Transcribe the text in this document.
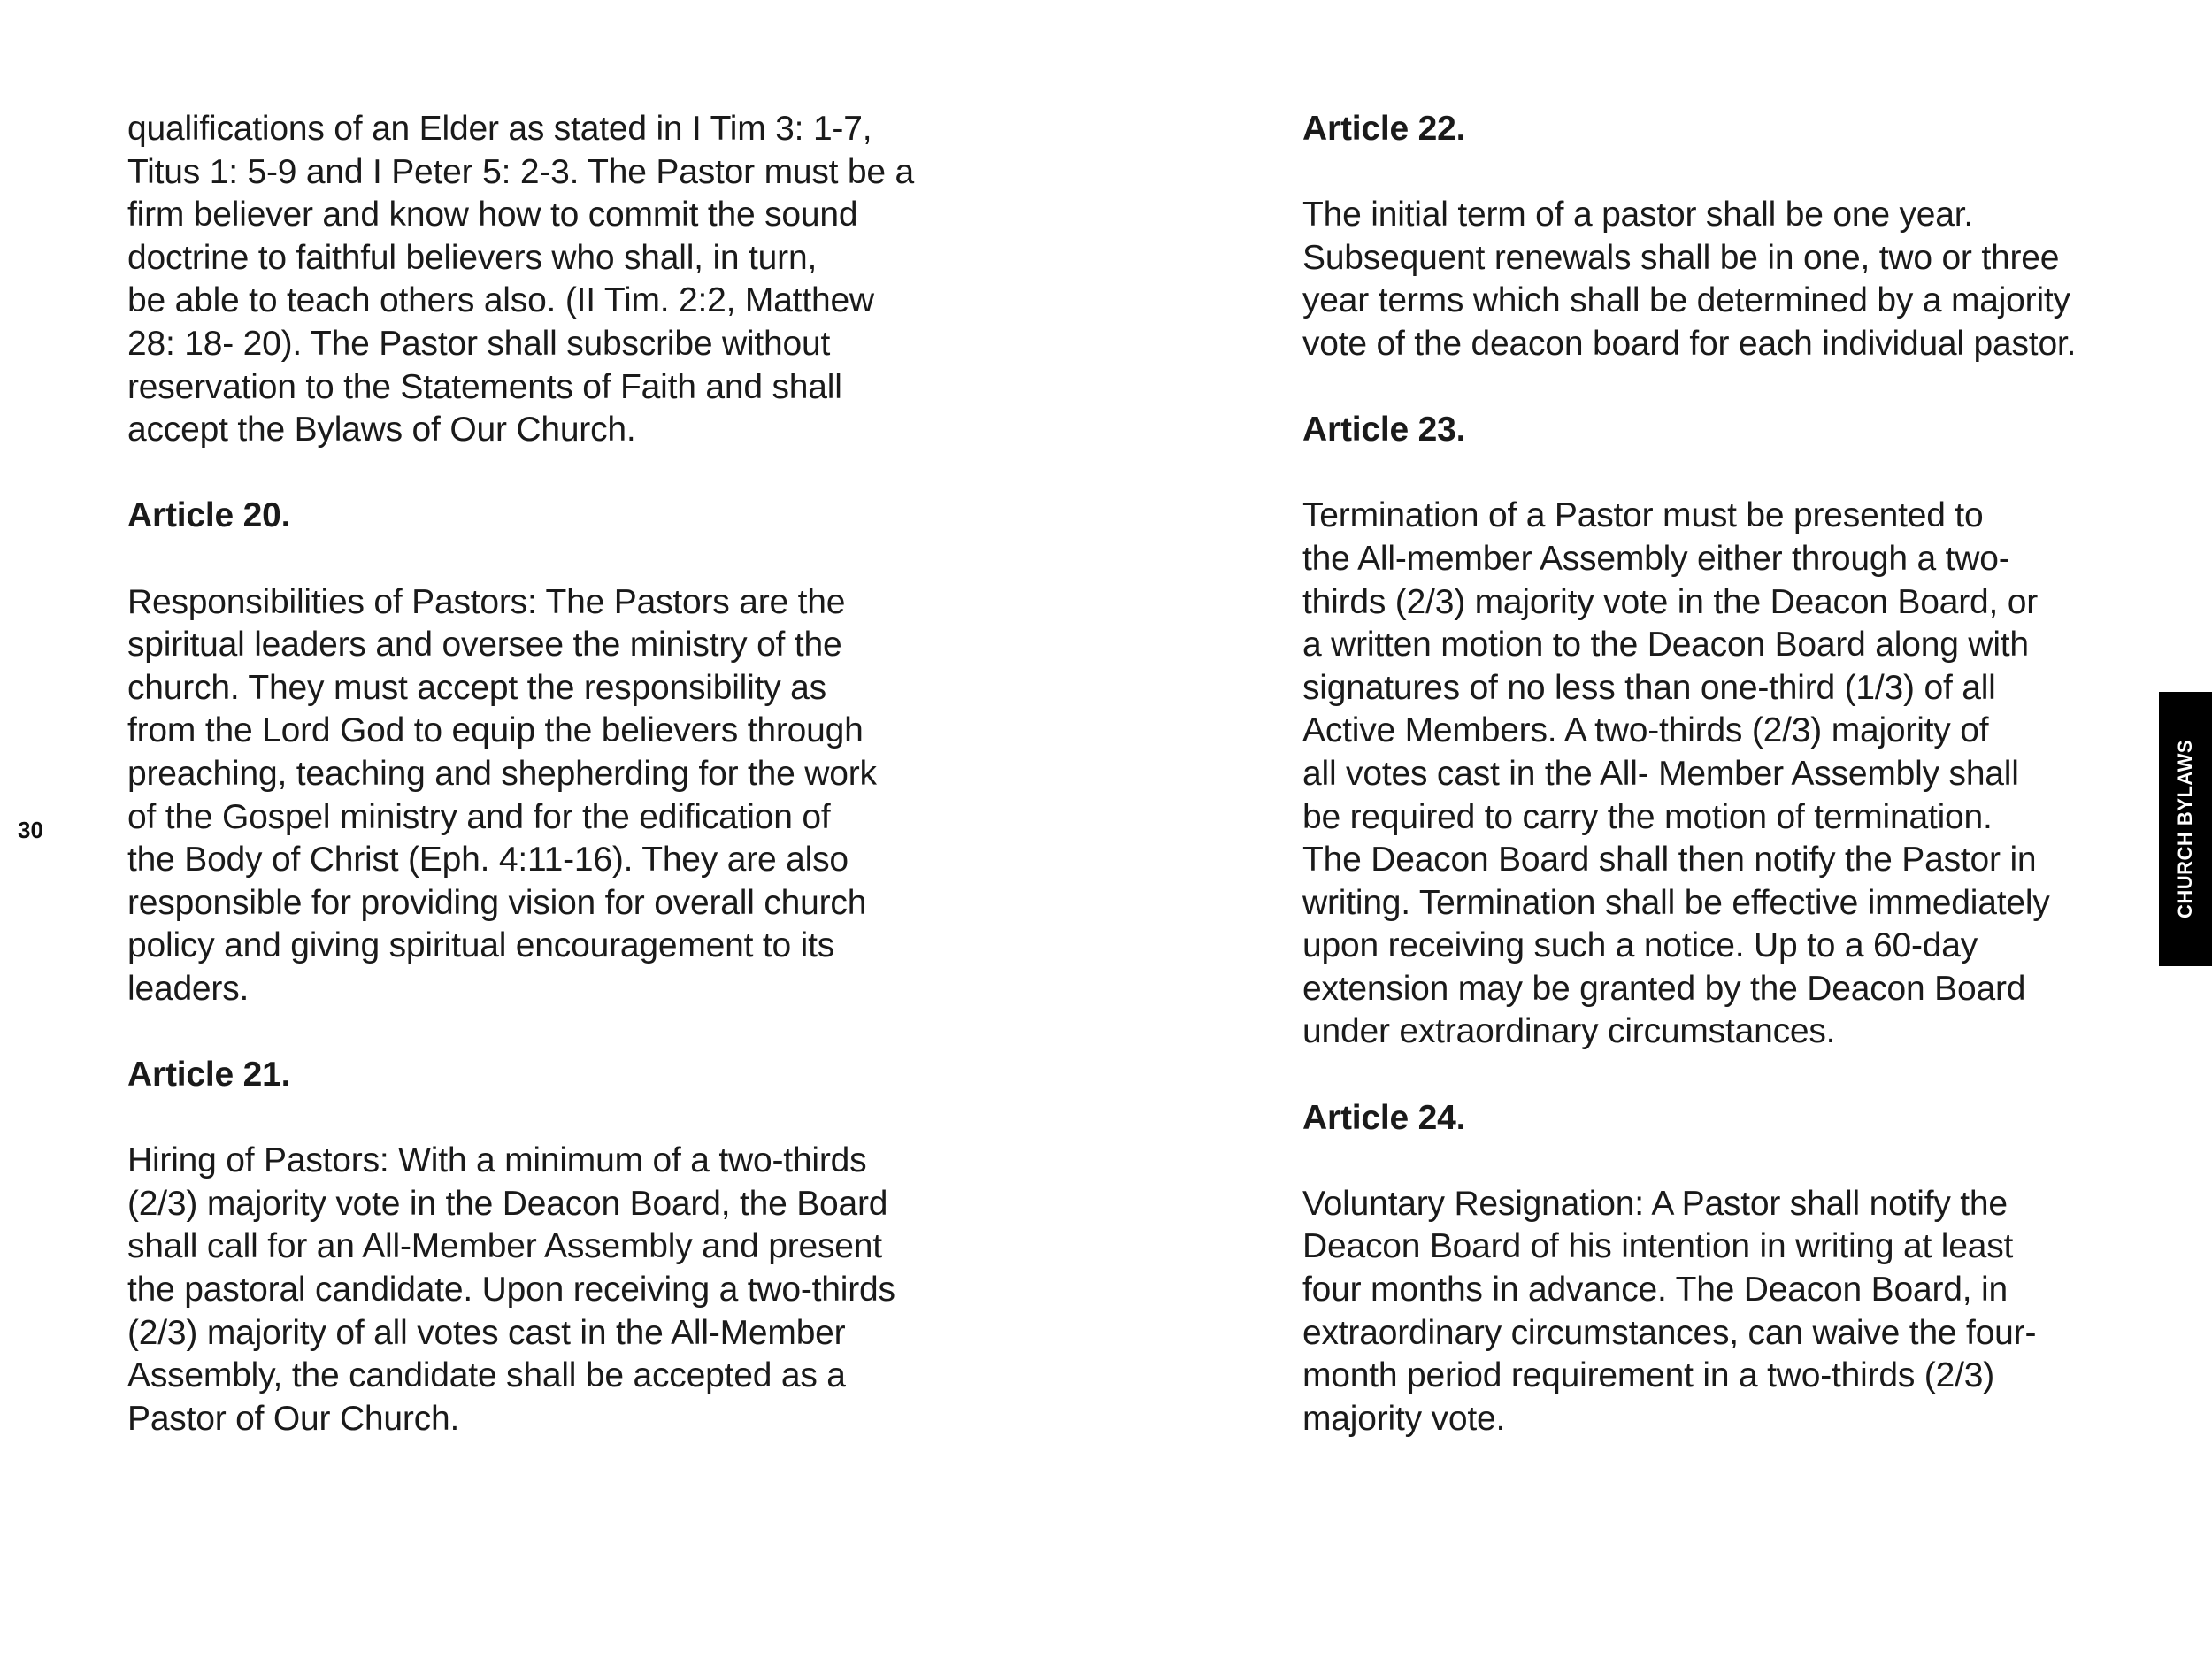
qualifications of an Elder as stated in I Tim 3: 1-7,
Titus 1: 5-9 and I Peter 5: 2-3. The Pastor must be a
firm believer and know how to commit the sound
doctrine to faithful believers who shall, in turn,
be able to teach others also. (II Tim. 2:2, Matthew
28: 18- 20). The Pastor shall subscribe without
reservation to the Statements of Faith and shall
accept the Bylaws of Our Church.
Article 20.
Responsibilities of Pastors: The Pastors are the
spiritual leaders and oversee the ministry of the
church. They must accept the responsibility as
from the Lord God to equip the believers through
preaching, teaching and shepherding for the work
of the Gospel ministry and for the edification of
the Body of Christ (Eph. 4:11-16). They are also
responsible for providing vision for overall church
policy and giving spiritual encouragement to its
leaders.
Article 21.
Hiring of Pastors: With a minimum of a two-thirds
(2/3) majority vote in the Deacon Board, the Board
shall call for an All-Member Assembly and present
the pastoral candidate. Upon receiving a two-thirds
(2/3) majority of all votes cast in the All-Member
Assembly, the candidate shall be accepted as a
Pastor of Our Church.
Article 22.
The initial term of a pastor shall be one year.
Subsequent renewals shall be in one, two or three
year terms which shall be determined by a majority
vote of the deacon board for each individual pastor.
Article 23.
Termination of a Pastor must be presented to
the All-member Assembly either through a two-
thirds (2/3) majority vote in the Deacon Board, or
a written motion to the Deacon Board along with
signatures of no less than one-third (1/3) of all
Active Members. A two-thirds (2/3) majority of
all votes cast in the All- Member Assembly shall
be required to carry the motion of termination.
The Deacon Board shall then notify the Pastor in
writing. Termination shall be effective immediately
upon receiving such a notice. Up to a 60-day
extension may be granted by the Deacon Board
under extraordinary circumstances.
Article 24.
Voluntary Resignation: A Pastor shall notify the
Deacon Board of his intention in writing at least
four months in advance. The Deacon Board, in
extraordinary circumstances, can waive the four-
month period requirement in a two-thirds (2/3)
majority vote.
30	CHURCH BYLAWS
